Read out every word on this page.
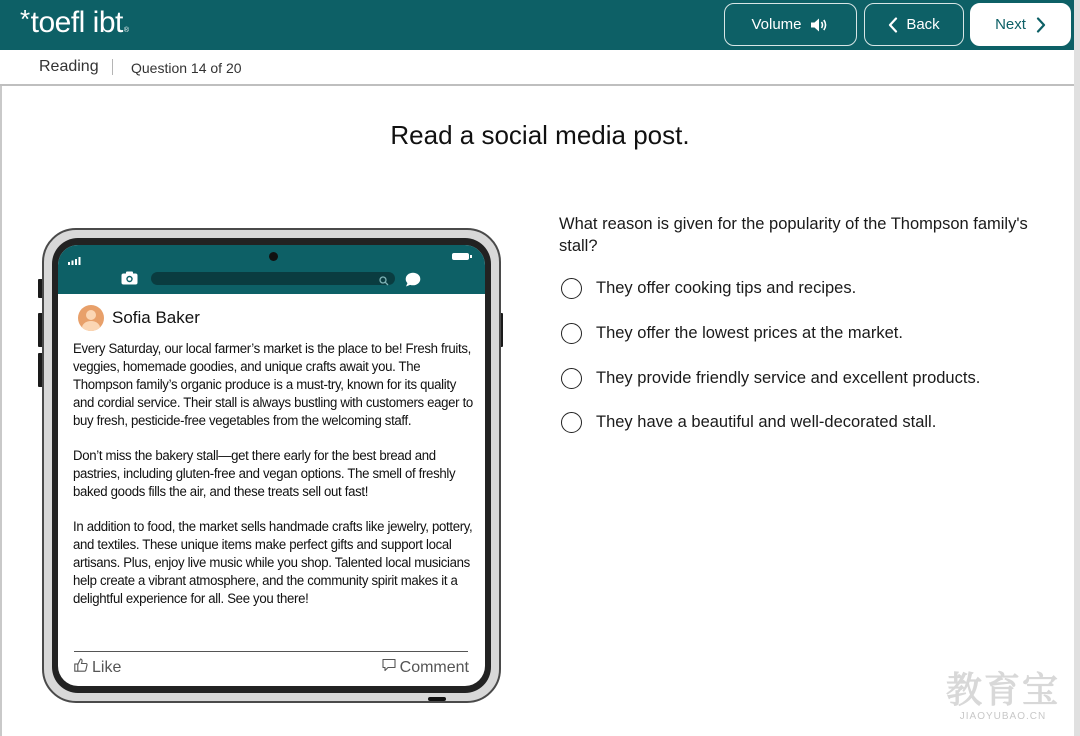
*toefl ibt®	Volume	Back	Next
Reading Question 14 of 20
Read a social media post.
Sofia Baker

Every Saturday, our local farmer’s market is the place to be! Fresh fruits, veggies, homemade goodies, and unique crafts await you. The Thompson family’s organic produce is a must-try, known for its quality and cordial service. Their stall is always bustling with customers eager to buy fresh, pesticide-free vegetables from the welcoming staff.

Don’t miss the bakery stall—get there early for the best bread and pastries, including gluten-free and vegan options. The smell of freshly baked goods fills the air, and these treats sell out fast!

In addition to food, the market sells handmade crafts like jewelry, pottery, and textiles. These unique items make perfect gifts and support local artisans. Plus, enjoy live music while you shop. Talented local musicians help create a vibrant atmosphere, and the community spirit makes it a delightful experience for all. See you there!

Like	Comment
What reason is given for the popularity of the Thompson family's stall?
They offer cooking tips and recipes.
They offer the lowest prices at the market.
They provide friendly service and excellent products.
They have a beautiful and well-decorated stall.
教育宝
JIAOYUBAO.CN
